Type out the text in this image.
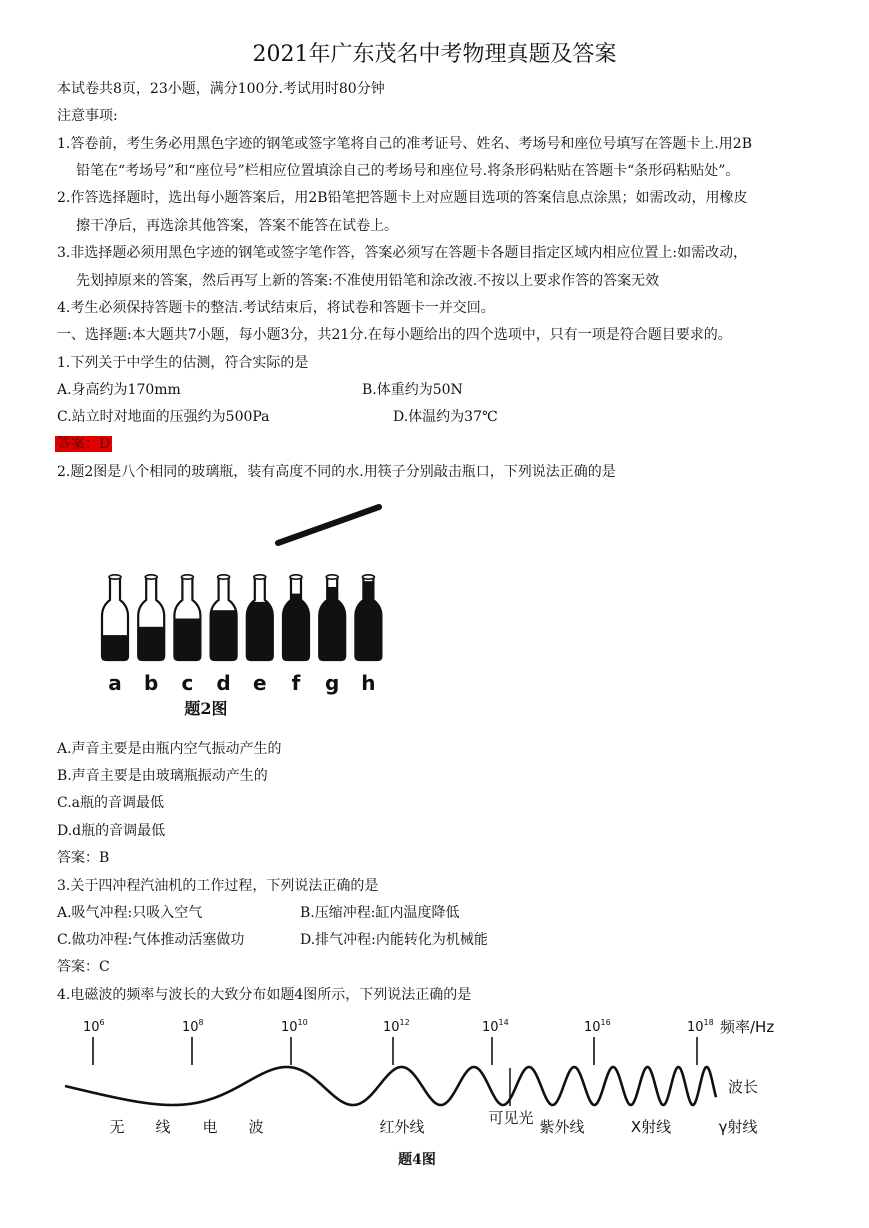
2021年广东茂名中考物理真题及答案
本试卷共8页，23小题，满分100分.考试用时80分钟
注意事项:
1.答卷前，考生务必用黑色字迹的钢笔或签字笔将自己的准考证号、姓名、考场号和座位号填写在答题卡上.用2B
铅笔在“考场号”和“座位号”栏相应位置填涂自己的考场号和座位号.将条形码粘贴在答题卡“条形码粘贴处”。
2.作答选择题时，选出每小题答案后，用2B铅笔把答题卡上对应题目选项的答案信息点涂黑；如需改动，用橡皮
擦干净后，再选涂其他答案，答案不能答在试卷上。
3.非选择题必须用黑色字迹的钢笔或签字笔作答，答案必须写在答题卡各题目指定区域内相应位置上:如需改动，
先划掉原来的答案，然后再写上新的答案:不准使用铅笔和涂改液.不按以上要求作答的答案无效
4.考生必须保持答题卡的整洁.考试结束后，将试卷和答题卡一并交回。
一、选择题:本大题共7小题，每小题3分，共21分.在每小题给出的四个选项中，只有一项是符合题目要求的。
1.下列关于中学生的估测，符合实际的是
A.身高约为170mm	B.体重约为50N
C.站立时对地面的压强约为500Pa	D.体温约为37℃
答案：D
2.题2图是八个相同的玻璃瓶，装有高度不同的水.用筷子分别敲击瓶口，下列说法正确的是
a b c d e f g h
题2图
A.声音主要是由瓶内空气振动产生的
B.声音主要是由玻璃瓶振动产生的
C.a瓶的音调最低
D.d瓶的音调最低
答案：B
3.关于四冲程汽油机的工作过程，下列说法正确的是
A.吸气冲程:只吸入空气	B.压缩冲程:缸内温度降低
C.做功冲程:气体推动活塞做功	D.排气冲程:内能转化为机械能
答案：C
4.电磁波的频率与波长的大致分布如题4图所示，下列说法正确的是
$10^6$	$10^8$	$10^{10}$	$10^{12}$	$10^{14}$	$10^{16}$	$10^{18}$ 频率/Hz
波长
无 线 电 波	红外线	可见光 紫外线	X射线	γ射线
题4图
